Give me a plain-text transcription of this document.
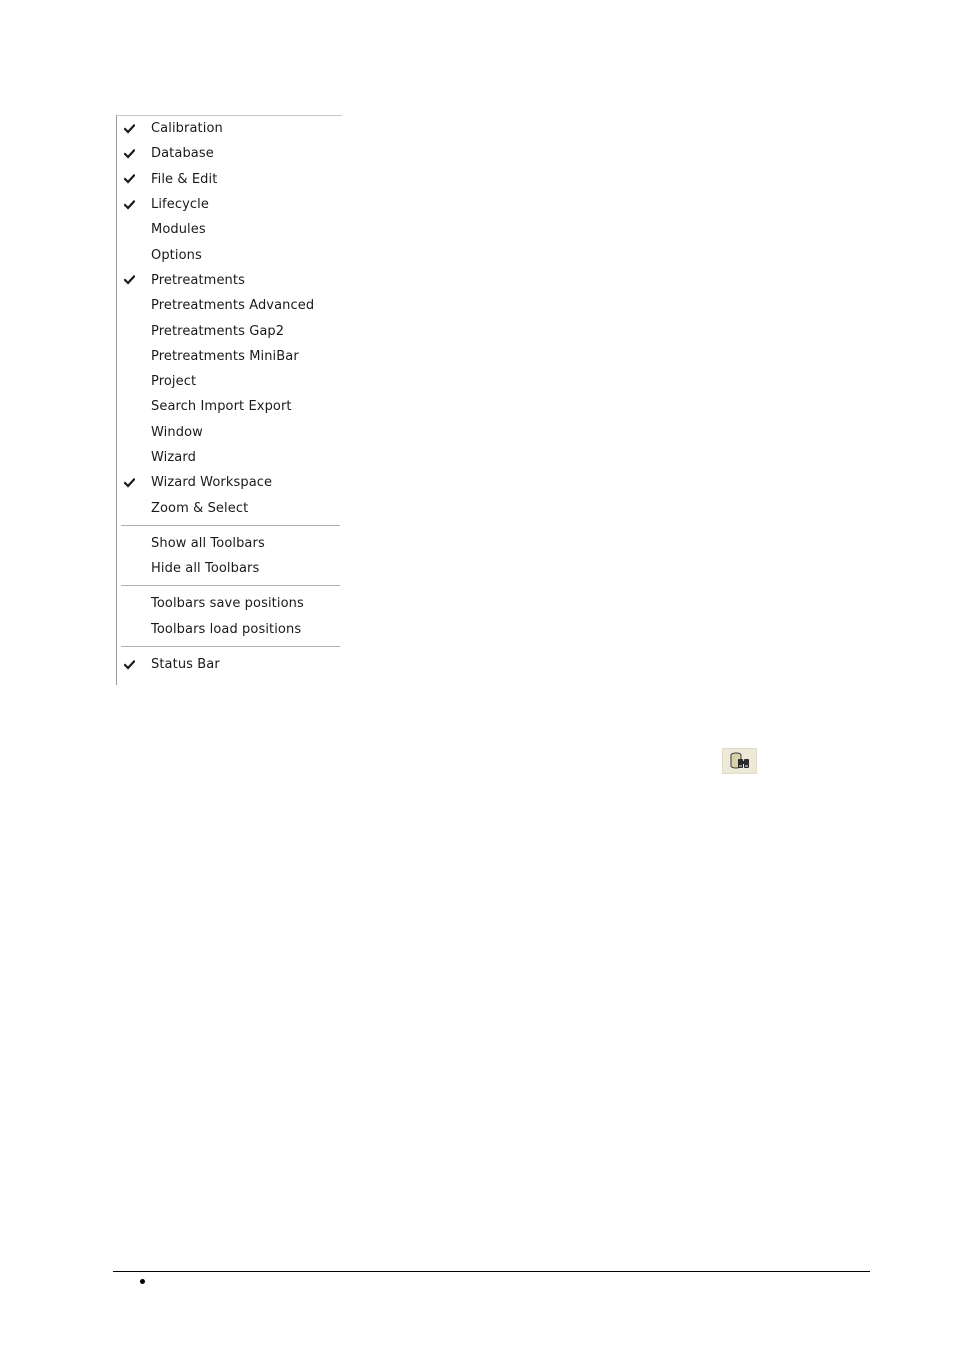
Calibration
Database
File & Edit
Lifecycle
Modules
Options
Pretreatments
Pretreatments Advanced
Pretreatments Gap2
Pretreatments MiniBar
Project
Search Import Export
Window
Wizard
Wizard Workspace
Zoom & Select
Show all Toolbars
Hide all Toolbars
Toolbars save positions
Toolbars load positions
Status Bar
